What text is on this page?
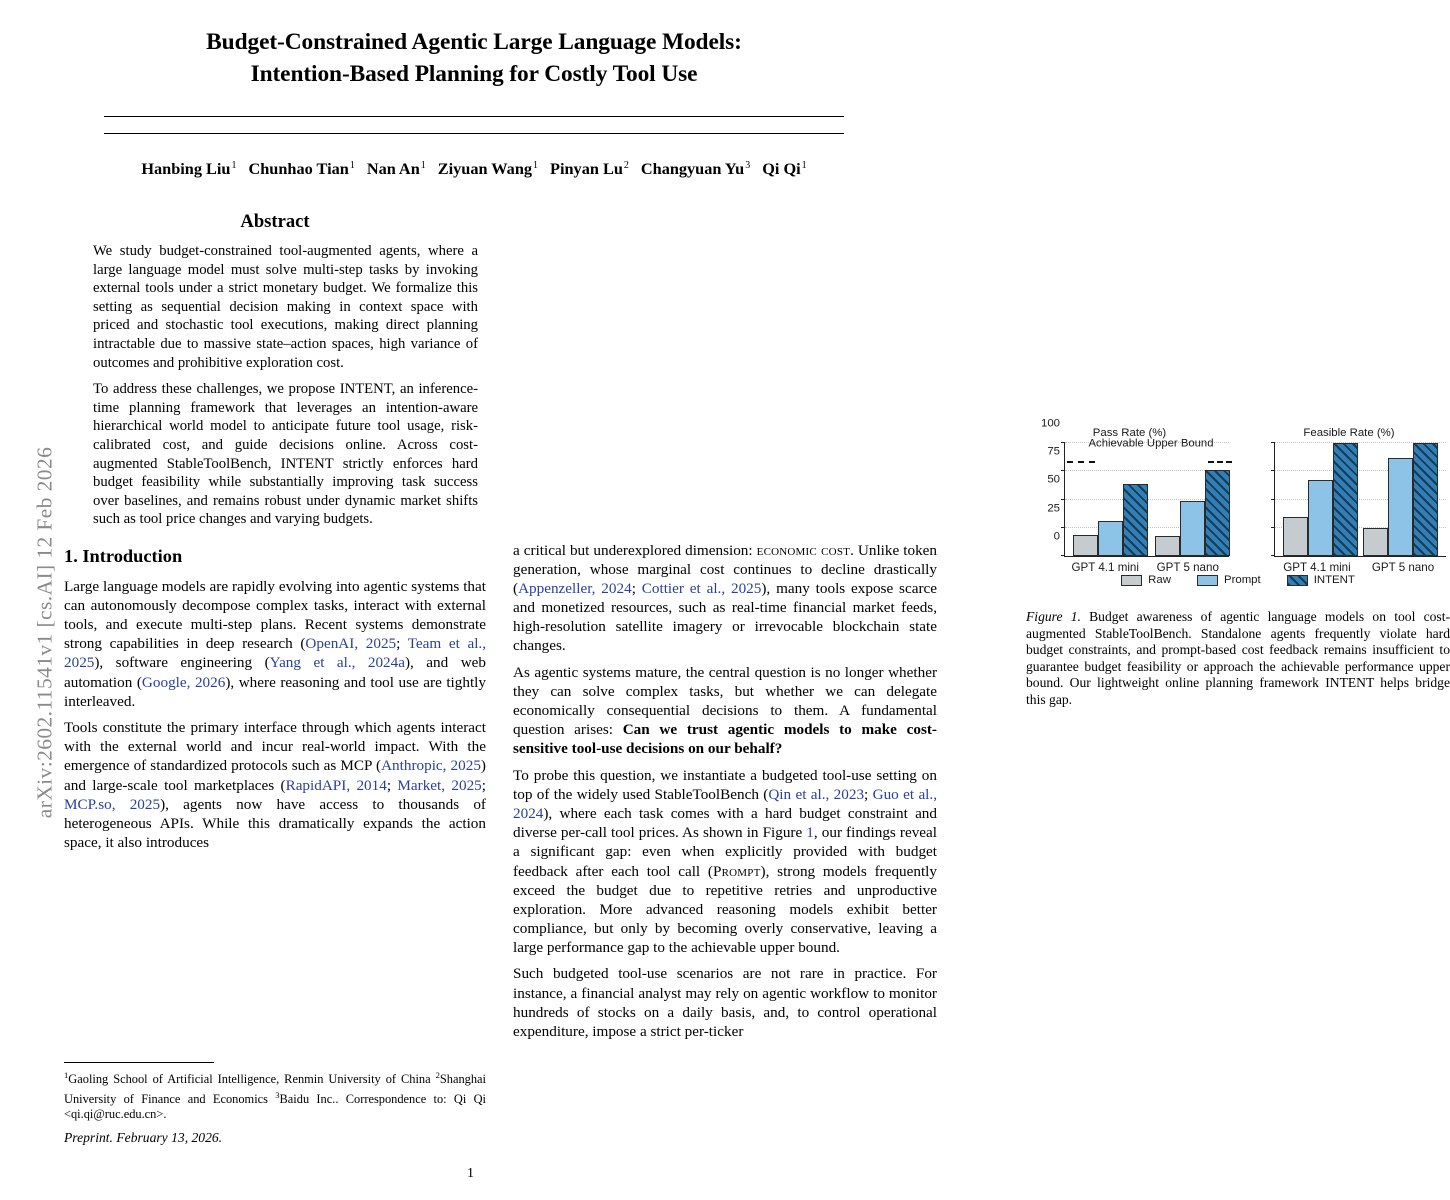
arXiv:2602.11541v1 [cs.AI] 12 Feb 2026
Budget-Constrained Agentic Large Language Models:
Intention-Based Planning for Costly Tool Use
Hanbing Liu$^1$ Chunhao Tian$^1$ Nan An$^1$ Ziyuan Wang$^1$ Pinyan Lu$^2$ Changyuan Yu$^3$ Qi Qi$^1$
Abstract

We study budget-constrained tool-augmented agents, where a large language model must solve multi-step tasks by invoking external tools under a strict monetary budget. We formalize this setting as sequential decision making in context space with priced and stochastic tool executions, making direct planning intractable due to massive state–action spaces, high variance of outcomes and prohibitive exploration cost.

To address these challenges, we propose INTENT, an inference-time planning framework that leverages an intention-aware hierarchical world model to anticipate future tool usage, risk-calibrated cost, and guide decisions online. Across cost-augmented StableToolBench, INTENT strictly enforces hard budget feasibility while substantially improving task success over baselines, and remains robust under dynamic market shifts such as tool price changes and varying budgets.

1. Introduction

Large language models are rapidly evolving into agentic systems that can autonomously decompose complex tasks, interact with external tools, and execute multi-step plans. Recent systems demonstrate strong capabilities in deep research (OpenAI, 2025; Team et al., 2025), software engineering (Yang et al., 2024a), and web automation (Google, 2026), where reasoning and tool use are tightly interleaved.

Tools constitute the primary interface through which agents interact with the external world and incur real-world impact. With the emergence of standardized protocols such as MCP (Anthropic, 2025) and large-scale tool marketplaces (RapidAPI, 2014; Market, 2025; MCP.so, 2025), agents now have access to thousands of heterogeneous APIs. While this dramatically expands the action space, it also introduces

Pass Rate (%)
100
75
50
25
0
Achievable Upper Bound
GPT 4.1 mini	GPT 5 nano
Feasible Rate (%)
GPT 4.1 mini	GPT 5 nano
Raw	Prompt	INTENT
Figure 1. Budget awareness of agentic language models on tool cost-augmented StableToolBench. Standalone agents frequently violate hard budget constraints, and prompt-based cost feedback remains insufficient to guarantee budget feasibility or approach the achievable performance upper bound. Our lightweight online planning framework INTENT helps bridge this gap.

a critical but underexplored dimension: economic cost. Unlike token generation, whose marginal cost continues to decline drastically (Appenzeller, 2024; Cottier et al., 2025), many tools expose scarce and monetized resources, such as real-time financial market feeds, high-resolution satellite imagery or irrevocable blockchain state changes.

As agentic systems mature, the central question is no longer whether they can solve complex tasks, but whether we can delegate economically consequential decisions to them. A fundamental question arises: Can we trust agentic models to make cost-sensitive tool-use decisions on our behalf?

To probe this question, we instantiate a budgeted tool-use setting on top of the widely used StableToolBench (Qin et al., 2023; Guo et al., 2024), where each task comes with a hard budget constraint and diverse per-call tool prices. As shown in Figure 1, our findings reveal a significant gap: even when explicitly provided with budget feedback after each tool call (Prompt), strong models frequently exceed the budget due to repetitive retries and unproductive exploration. More advanced reasoning models exhibit better compliance, but only by becoming overly conservative, leaving a large performance gap to the achievable upper bound.

Such budgeted tool-use scenarios are not rare in practice. For instance, a financial analyst may rely on agentic workflow to monitor hundreds of stocks on a daily basis, and, to control operational expenditure, impose a strict per-ticker

$^1$Gaoling School of Artificial Intelligence, Renmin University of China $^2$Shanghai University of Finance and Economics $^3$Baidu Inc.. Correspondence to: Qi Qi <qi.qi@ruc.edu.cn>.
Preprint. February 13, 2026.
1
